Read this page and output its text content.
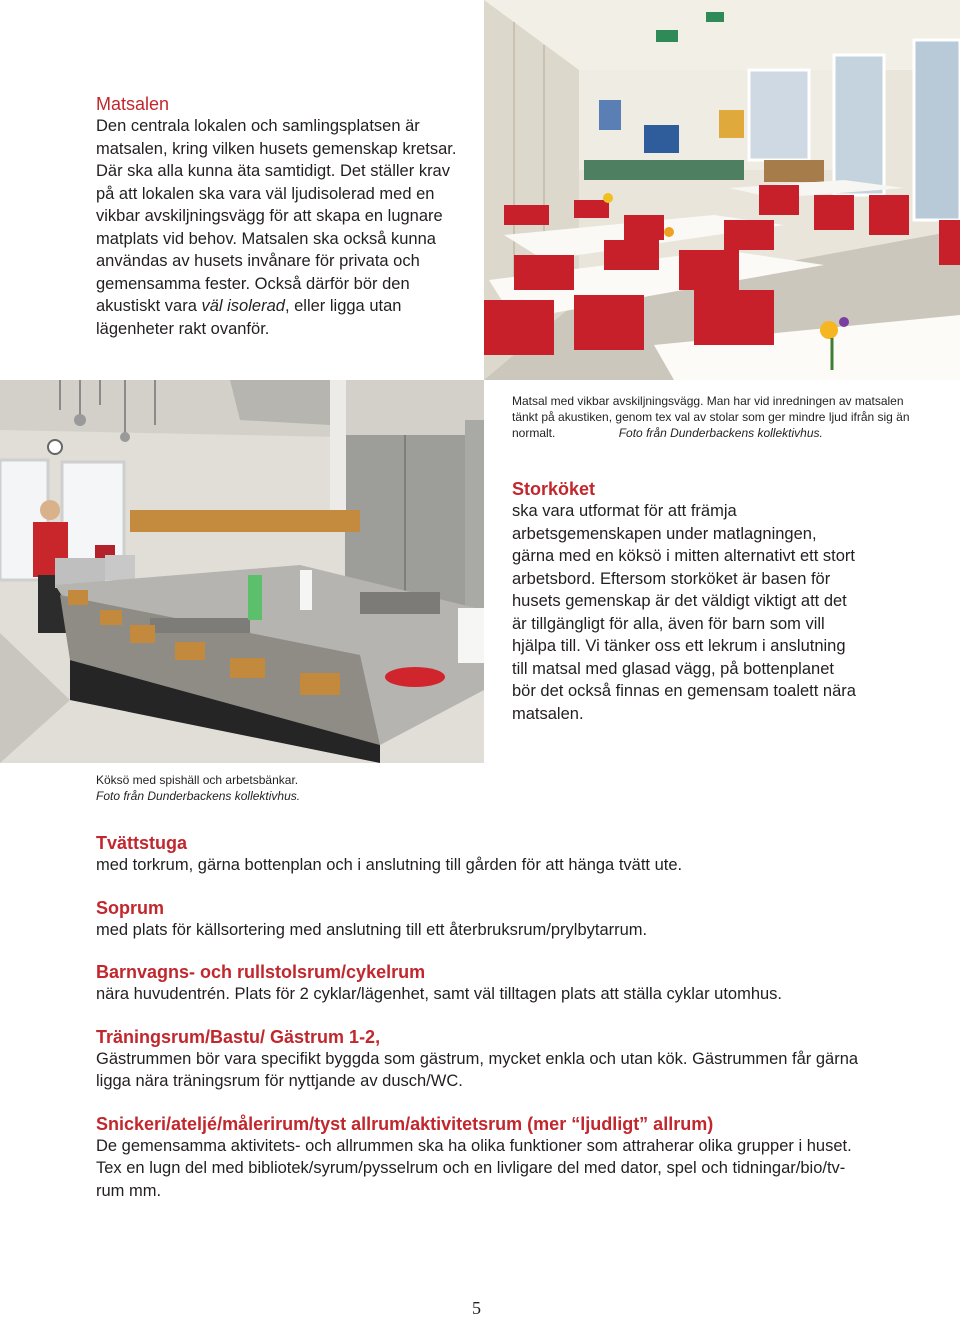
Matsalen

Den centrala lokalen och samlingsplatsen är matsalen, kring vilken husets gemenskap kretsar. Där ska alla kunna äta samtidigt. Det ställer krav på att lokalen ska vara väl ljudisolerad med en vikbar avskiljningsvägg för att skapa en lugnare matplats vid behov. Matsalen ska också kunna användas av husets invånare för privata och gemensamma fester. Också därför bör den akustiskt vara väl isolerad, eller ligga utan lägenheter rakt ovanför.

Matsal med vikbar avskiljningsvägg. Man har vid inredningen av matsalen tänkt på akustiken, genom tex val av stolar som ger mindre ljud ifrån sig än normalt.	Foto från Dunderbackens kollektivhus.
Storköket

ska vara utformat för att främja arbetsgemenskapen under matlagningen, gärna med en köksö i mitten alternativt ett stort arbetsbord. Eftersom storköket är basen för husets gemenskap är det väldigt viktigt att det är tillgängligt för alla, även för barn som vill hjälpa till. Vi tänker oss ett lekrum i anslutning till matsal med glasad vägg, på bottenplanet bör det också finnas en gemensam toalett nära matsalen.

Köksö med spishäll och arbetsbänkar.
Foto från Dunderbackens kollektivhus.
Tvättstuga

med torkrum, gärna bottenplan och i anslutning till gården för att hänga tvätt ute.

Soprum

med plats för källsortering med anslutning till ett återbruksrum/prylbytarrum.

Barnvagns- och rullstolsrum/cykelrum

nära huvudentrén. Plats för 2 cyklar/lägenhet, samt väl tilltagen plats att ställa cyklar utomhus.

Träningsrum/Bastu/ Gästrum 1-2,

Gästrummen bör vara specifikt byggda som gästrum, mycket enkla och utan kök. Gästrummen får gärna ligga nära träningsrum för nyttjande av dusch/WC.

Snickeri/ateljé/målerirum/tyst allrum/aktivitetsrum (mer “ljudligt” allrum)

De gemensamma aktivitets- och allrummen ska ha olika funktioner som attraherar olika grupper i huset. Tex en lugn del med bibliotek/syrum/pysselrum och en livligare del med dator, spel och tidningar/bio/tv-rum mm.

5
